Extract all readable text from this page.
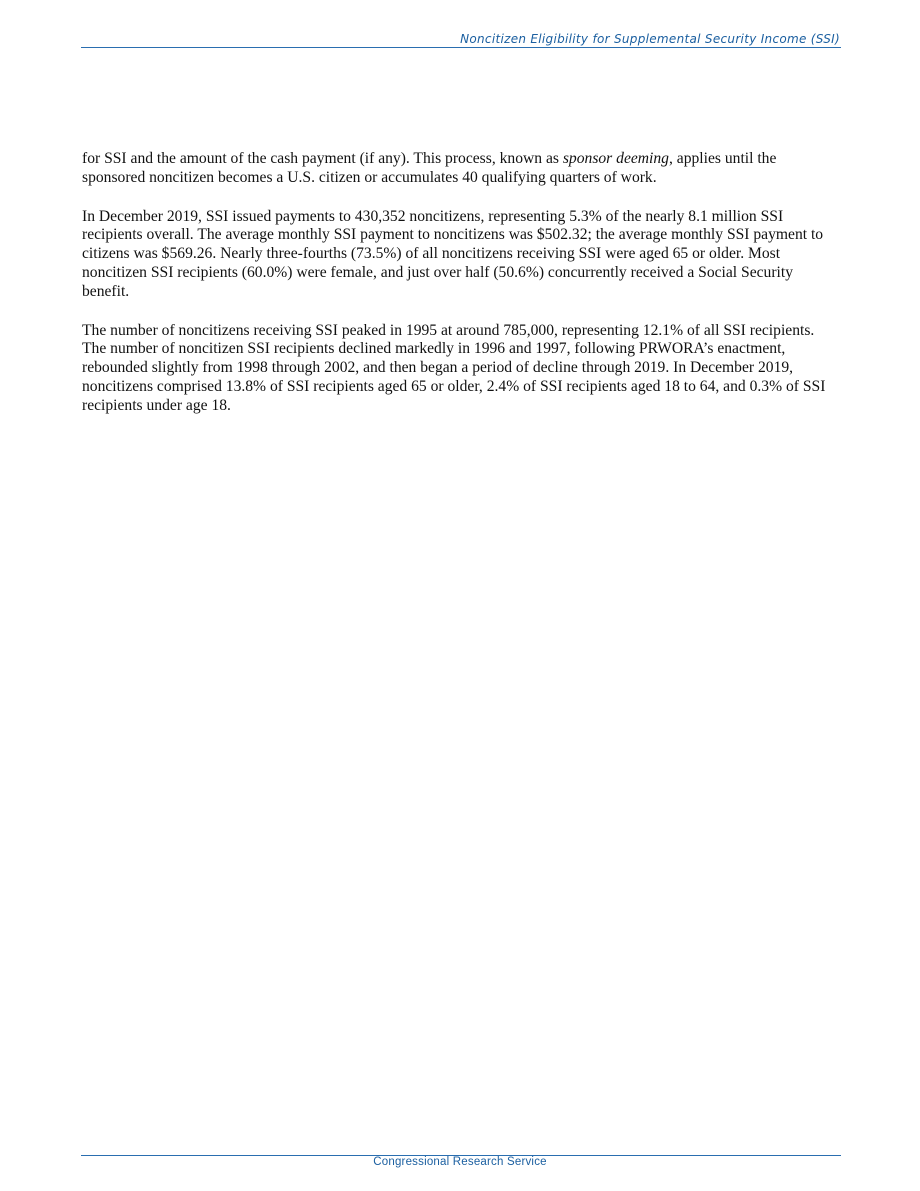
Noncitizen Eligibility for Supplemental Security Income (SSI)

for SSI and the amount of the cash payment (if any). This process, known as sponsor deeming, applies until the sponsored noncitizen becomes a U.S. citizen or accumulates 40 qualifying quarters of work.

In December 2019, SSI issued payments to 430,352 noncitizens, representing 5.3% of the nearly 8.1 million SSI recipients overall. The average monthly SSI payment to noncitizens was $502.32; the average monthly SSI payment to citizens was $569.26. Nearly three-fourths (73.5%) of all noncitizens receiving SSI were aged 65 or older. Most noncitizen SSI recipients (60.0%) were female, and just over half (50.6%) concurrently received a Social Security benefit.

The number of noncitizens receiving SSI peaked in 1995 at around 785,000, representing 12.1% of all SSI recipients. The number of noncitizen SSI recipients declined markedly in 1996 and 1997, following PRWORA’s enactment, rebounded slightly from 1998 through 2002, and then began a period of decline through 2019. In December 2019, noncitizens comprised 13.8% of SSI recipients aged 65 or older, 2.4% of SSI recipients aged 18 to 64, and 0.3% of SSI recipients under age 18.

Congressional Research Service
